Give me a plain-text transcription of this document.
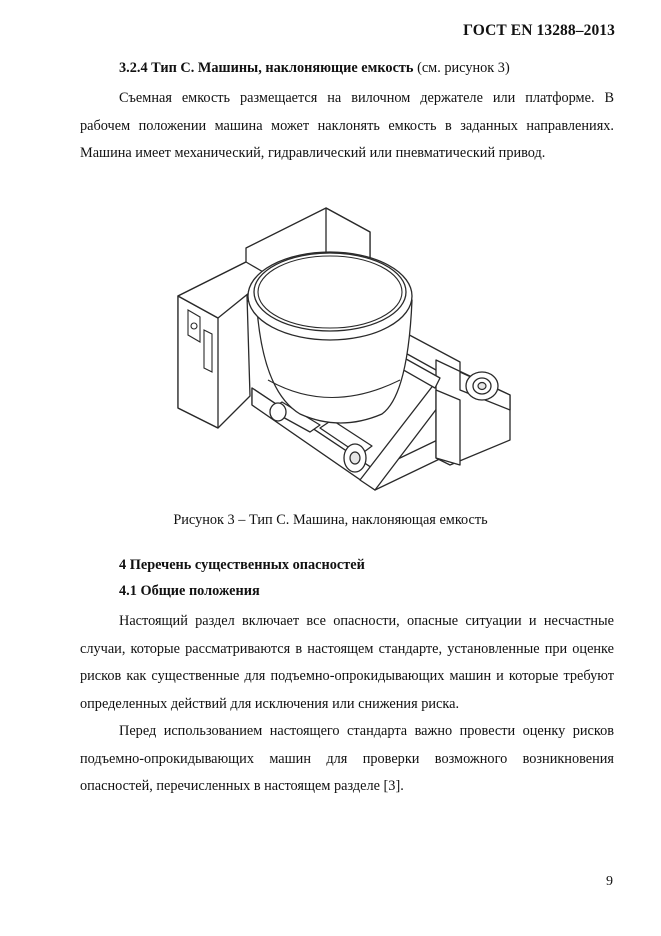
ГОСТ EN 13288–2013

3.2.4 Тип С. Машины, наклоняющие емкость (см. рисунок 3)

Съемная емкость размещается на вилочном держателе или платформе. В рабочем положении машина может наклонять емкость в заданных направлениях. Машина имеет механический, гидравлический или пневматический привод.

Рисунок 3 – Тип С. Машина, наклоняющая емкость

4 Перечень существенных опасностей

4.1 Общие положения

Настоящий раздел включает все опасности, опасные ситуации и несчастные случаи, которые рассматриваются в настоящем стандарте, установленные при оценке рисков как существенные для подъемно-опрокидывающих машин и которые требуют определенных действий для исключения или снижения риска.

Перед использованием настоящего стандарта важно провести оценку рисков подъемно-опрокидывающих машин для проверки возможного возникновения опасностей, перечисленных в настоящем разделе [3].

9
